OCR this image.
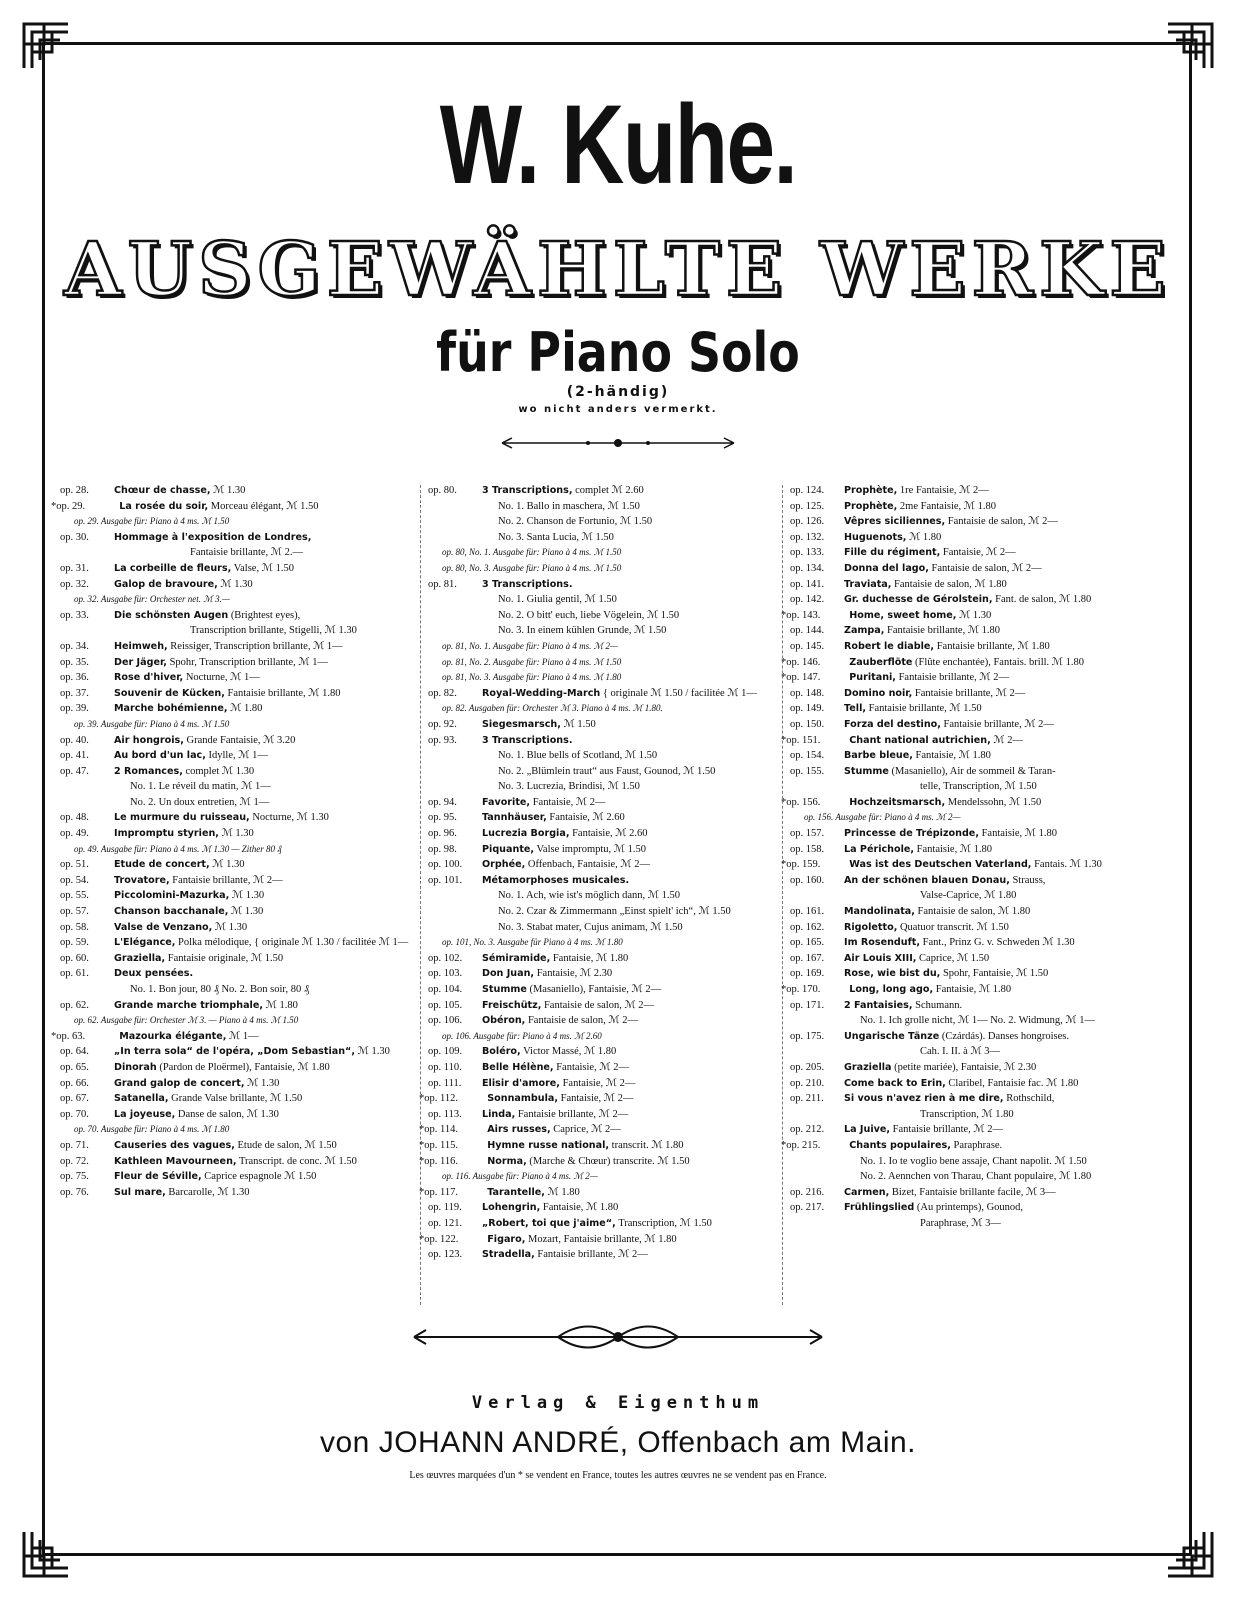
W. Kuhe.
AUSGEWÄHLTE WERKE
für Piano Solo
(2-händig)
wo nicht anders vermerkt.
op. 28.	Chœur de chasse, ℳ 1.30
*op. 29.	La rosée du soir, Morceau élégant, ℳ 1.50
op. 29. Ausgabe für: Piano à 4 ms. ℳ 1.50
op. 30.	Hommage à l'exposition de Londres,
Fantaisie brillante, ℳ 2.—
op. 31.	La corbeille de fleurs, Valse, ℳ 1.50
op. 32.	Galop de bravoure, ℳ 1.30
op. 32. Ausgabe für: Orchester net. ℳ 3.—
op. 33.	Die schönsten Augen (Brightest eyes),
Transcription brillante, Stigelli, ℳ 1.30
op. 34.	Heimweh, Reissiger, Transcription brillante, ℳ 1—
op. 35.	Der Jäger, Spohr, Transcription brillante, ℳ 1—
op. 36.	Rose d'hiver, Nocturne, ℳ 1—
op. 37.	Souvenir de Kücken, Fantaisie brillante, ℳ 1.80
op. 39.	Marche bohémienne, ℳ 1.80
op. 39. Ausgabe für: Piano à 4 ms. ℳ 1.50
op. 40.	Air hongrois, Grande Fantaisie, ℳ 3.20
op. 41.	Au bord d'un lac, Idylle, ℳ 1—
op. 47.	2 Romances, complet ℳ 1.30
No. 1. Le réveil du matin, ℳ 1—
No. 2. Un doux entretien, ℳ 1—
op. 48.	Le murmure du ruisseau, Nocturne, ℳ 1.30
op. 49.	Impromptu styrien, ℳ 1.30
op. 49. Ausgabe für: Piano à 4 ms. ℳ 1.30 — Zither 80 ₰
op. 51.	Etude de concert, ℳ 1.30
op. 54.	Trovatore, Fantaisie brillante, ℳ 2—
op. 55.	Piccolomini-Mazurka, ℳ 1.30
op. 57.	Chanson bacchanale, ℳ 1.30
op. 58.	Valse de Venzano, ℳ 1.30
op. 59.	L'Elégance, Polka mélodique, { originale ℳ 1.30 / facilitée ℳ 1—
op. 60.	Graziella, Fantaisie originale, ℳ 1.50
op. 61.	Deux pensées.
No. 1. Bon jour, 80 ₰ No. 2. Bon soir, 80 ₰
op. 62.	Grande marche triomphale, ℳ 1.80
op. 62. Ausgabe für: Orchester ℳ 3. — Piano à 4 ms. ℳ 1.50
*op. 63.	Mazourka élégante, ℳ 1—
op. 64.	„In terra sola“ de l'opéra, „Dom Sebastian“, ℳ 1.30
op. 65.	Dinorah (Pardon de Ploërmel), Fantaisie, ℳ 1.80
op. 66.	Grand galop de concert, ℳ 1.30
op. 67.	Satanella, Grande Valse brillante, ℳ 1.50
op. 70.	La joyeuse, Danse de salon, ℳ 1.30
op. 70. Ausgabe für: Piano à 4 ms. ℳ 1.80
op. 71.	Causeries des vagues, Etude de salon, ℳ 1.50
op. 72.	Kathleen Mavourneen, Transcript. de conc. ℳ 1.50
op. 75.	Fleur de Séville, Caprice espagnole ℳ 1.50
op. 76.	Sul mare, Barcarolle, ℳ 1.30
op. 80.	3 Transcriptions, complet ℳ 2.60
No. 1. Ballo in maschera, ℳ 1.50
No. 2. Chanson de Fortunio, ℳ 1.50
No. 3. Santa Lucia, ℳ 1.50
op. 80, No. 1. Ausgabe für: Piano à 4 ms. ℳ 1.50
op. 80, No. 3. Ausgabe für: Piano à 4 ms. ℳ 1.50
op. 81.	3 Transcriptions.
No. 1. Giulia gentil, ℳ 1.50
No. 2. O bitt' euch, liebe Vögelein, ℳ 1.50
No. 3. In einem kühlen Grunde, ℳ 1.50
op. 81, No. 1. Ausgabe für: Piano à 4 ms. ℳ 2—
op. 81, No. 2. Ausgabe für: Piano à 4 ms. ℳ 1.50
op. 81, No. 3. Ausgabe für: Piano à 4 ms. ℳ 1.80
op. 82.	Royal-Wedding-March { originale ℳ 1.50 / facilitée ℳ 1—
op. 82. Ausgaben für: Orchester ℳ 3. Piano à 4 ms. ℳ 1.80.
op. 92.	Siegesmarsch, ℳ 1.50
op. 93.	3 Transcriptions.
No. 1. Blue bells of Scotland, ℳ 1.50
No. 2. „Blümlein traut“ aus Faust, Gounod, ℳ 1.50
No. 3. Lucrezia, Brindisi, ℳ 1.50
op. 94.	Favorite, Fantaisie, ℳ 2—
op. 95.	Tannhäuser, Fantaisie, ℳ 2.60
op. 96.	Lucrezia Borgia, Fantaisie, ℳ 2.60
op. 98.	Piquante, Valse impromptu, ℳ 1.50
op. 100. Orphée, Offenbach, Fantaisie, ℳ 2—
op. 101. Métamorphoses musicales.
No. 1. Ach, wie ist's möglich dann, ℳ 1.50
No. 2. Czar & Zimmermann „Einst spielt' ich“, ℳ 1.50
No. 3. Stabat mater, Cujus animam, ℳ 1.50
op. 101, No. 3. Ausgabe für Piano à 4 ms. ℳ 1.80
op. 102. Sémiramide, Fantaisie, ℳ 1.80
op. 103. Don Juan, Fantaisie, ℳ 2.30
op. 104. Stumme (Masaniello), Fantaisie, ℳ 2—
op. 105. Freischütz, Fantaisie de salon, ℳ 2—
op. 106. Obéron, Fantaisie de salon, ℳ 2—
op. 106. Ausgabe für: Piano à 4 ms. ℳ 2.60
op. 109. Boléro, Victor Massé, ℳ 1.80
op. 110. Belle Hélène, Fantaisie, ℳ 2—
op. 111. Elisir d'amore, Fantaisie, ℳ 2—
*op. 112.	Sonnambula, Fantaisie, ℳ 2—
op. 113. Linda, Fantaisie brillante, ℳ 2—
*op. 114.	Airs russes, Caprice, ℳ 2—
*op. 115.	Hymne russe national, transcrit. ℳ 1.80
*op. 116.	Norma, (Marche & Chœur) transcrite. ℳ 1.50
op. 116. Ausgabe für: Piano à 4 ms. ℳ 2—
*op. 117.	Tarantelle, ℳ 1.80
op. 119. Lohengrin, Fantaisie, ℳ 1.80
op. 121. „Robert, toi que j'aime“, Transcription, ℳ 1.50
*op. 122.	Figaro, Mozart, Fantaisie brillante, ℳ 1.80
op. 123. Stradella, Fantaisie brillante, ℳ 2—
op. 124. Prophète, 1re Fantaisie, ℳ 2—
op. 125. Prophète, 2me Fantaisie, ℳ 1.80
op. 126. Vêpres siciliennes, Fantaisie de salon, ℳ 2—
op. 132. Huguenots, ℳ 1.80
op. 133. Fille du régiment, Fantaisie, ℳ 2—
op. 134. Donna del lago, Fantaisie de salon, ℳ 2—
op. 141. Traviata, Fantaisie de salon, ℳ 1.80
op. 142. Gr. duchesse de Gérolstein, Fant. de salon, ℳ 1.80
*op. 143.	Home, sweet home, ℳ 1.30
op. 144. Zampa, Fantaisie brillante, ℳ 1.80
op. 145. Robert le diable, Fantaisie brillante, ℳ 1.80
*op. 146.	Zauberflöte (Flûte enchantée), Fantais. brill. ℳ 1.80
*op. 147.	Puritani, Fantaisie brillante, ℳ 2—
op. 148. Domino noir, Fantaisie brillante, ℳ 2—
op. 149. Tell, Fantaisie brillante, ℳ 1.50
op. 150. Forza del destino, Fantaisie brillante, ℳ 2—
*op. 151.	Chant national autrichien, ℳ 2—
op. 154. Barbe bleue, Fantaisie, ℳ 1.80
op. 155. Stumme (Masaniello), Air de sommeil & Taran-
telle, Transcription, ℳ 1.50
*op. 156.	Hochzeitsmarsch, Mendelssohn, ℳ 1.50
op. 156. Ausgabe für: Piano à 4 ms. ℳ 2—
op. 157. Princesse de Trépizonde, Fantaisie, ℳ 1.80
op. 158. La Périchole, Fantaisie, ℳ 1.80
*op. 159.	Was ist des Deutschen Vaterland, Fantais. ℳ 1.30
op. 160. An der schönen blauen Donau, Strauss,
Valse-Caprice, ℳ 1.80
op. 161. Mandolinata, Fantaisie de salon, ℳ 1.80
op. 162. Rigoletto, Quatuor transcrit. ℳ 1.50
op. 165. Im Rosenduft, Fant., Prinz G. v. Schweden ℳ 1.30
op. 167. Air Louis XIII, Caprice, ℳ 1.50
op. 169. Rose, wie bist du, Spohr, Fantaisie, ℳ 1.50
*op. 170.	Long, long ago, Fantaisie, ℳ 1.80
op. 171. 2 Fantaisies, Schumann.
No. 1. Ich grolle nicht, ℳ 1— No. 2. Widmung, ℳ 1—
op. 175. Ungarische Tänze (Czárdás). Danses hongroises.
Cah. I. II. à ℳ 3—
op. 205. Graziella (petite mariée), Fantaisie, ℳ 2.30
op. 210. Come back to Erin, Claribel, Fantaisie fac. ℳ 1.80
op. 211. Si vous n'avez rien à me dire, Rothschild,
Transcription, ℳ 1.80
op. 212. La Juive, Fantaisie brillante, ℳ 2—
*op. 215.	Chants populaires, Paraphrase.
No. 1. Io te voglio bene assaje, Chant napolit. ℳ 1.50
No. 2. Aennchen von Tharau, Chant populaire, ℳ 1.80
op. 216. Carmen, Bizet, Fantaisie brillante facile, ℳ 3—
op. 217. Frühlingslied (Au printemps), Gounod,
Paraphrase, ℳ 3—
Verlag & Eigenthum
von JOHANN ANDRÉ, Offenbach am Main.
Les œuvres marquées d'un * se vendent en France, toutes les autres œuvres ne se vendent pas en France.
